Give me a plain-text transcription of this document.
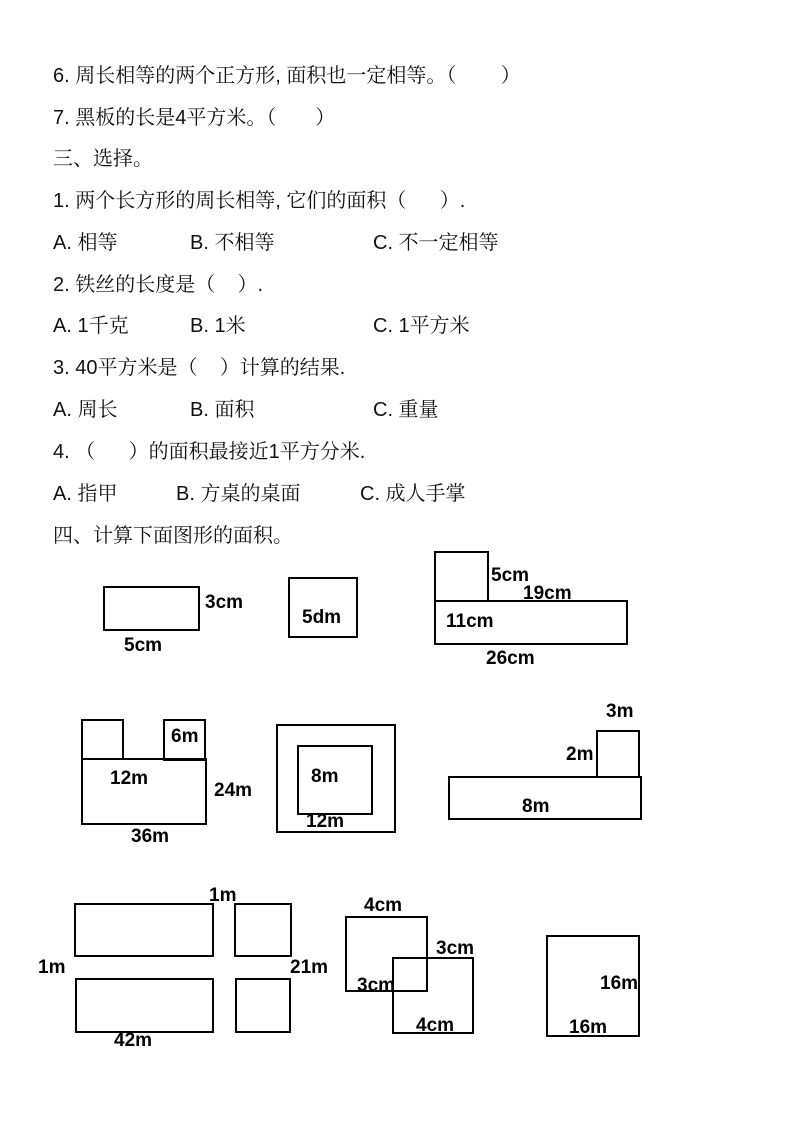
6. 周长相等的两个正方形, 面积也一定相等。（        ）
7. 黑板的长是4平方米。（       ）
三、选择。
1. 两个长方形的周长相等, 它们的面积（      ）.
A. 相等	B. 不相等	C. 不一定相等
2. 铁丝的长度是（    ）.
A. 1千克	B. 1米	C. 1平方米
3. 40平方米是（    ）计算的结果.
A. 周长	B. 面积	C. 重量
4. （      ）的面积最接近1平方分米.
A. 指甲	B. 方桌的桌面	C. 成人手掌
四、计算下面图形的面积。
3cm
5cm
5dm
5cm
19cm
11cm
26cm
6m
12m
24m
36m
8m
12m
3m
2m
8m
1m
1m	21m
42m
4cm
3cm
3cm
4cm
16m
16m
